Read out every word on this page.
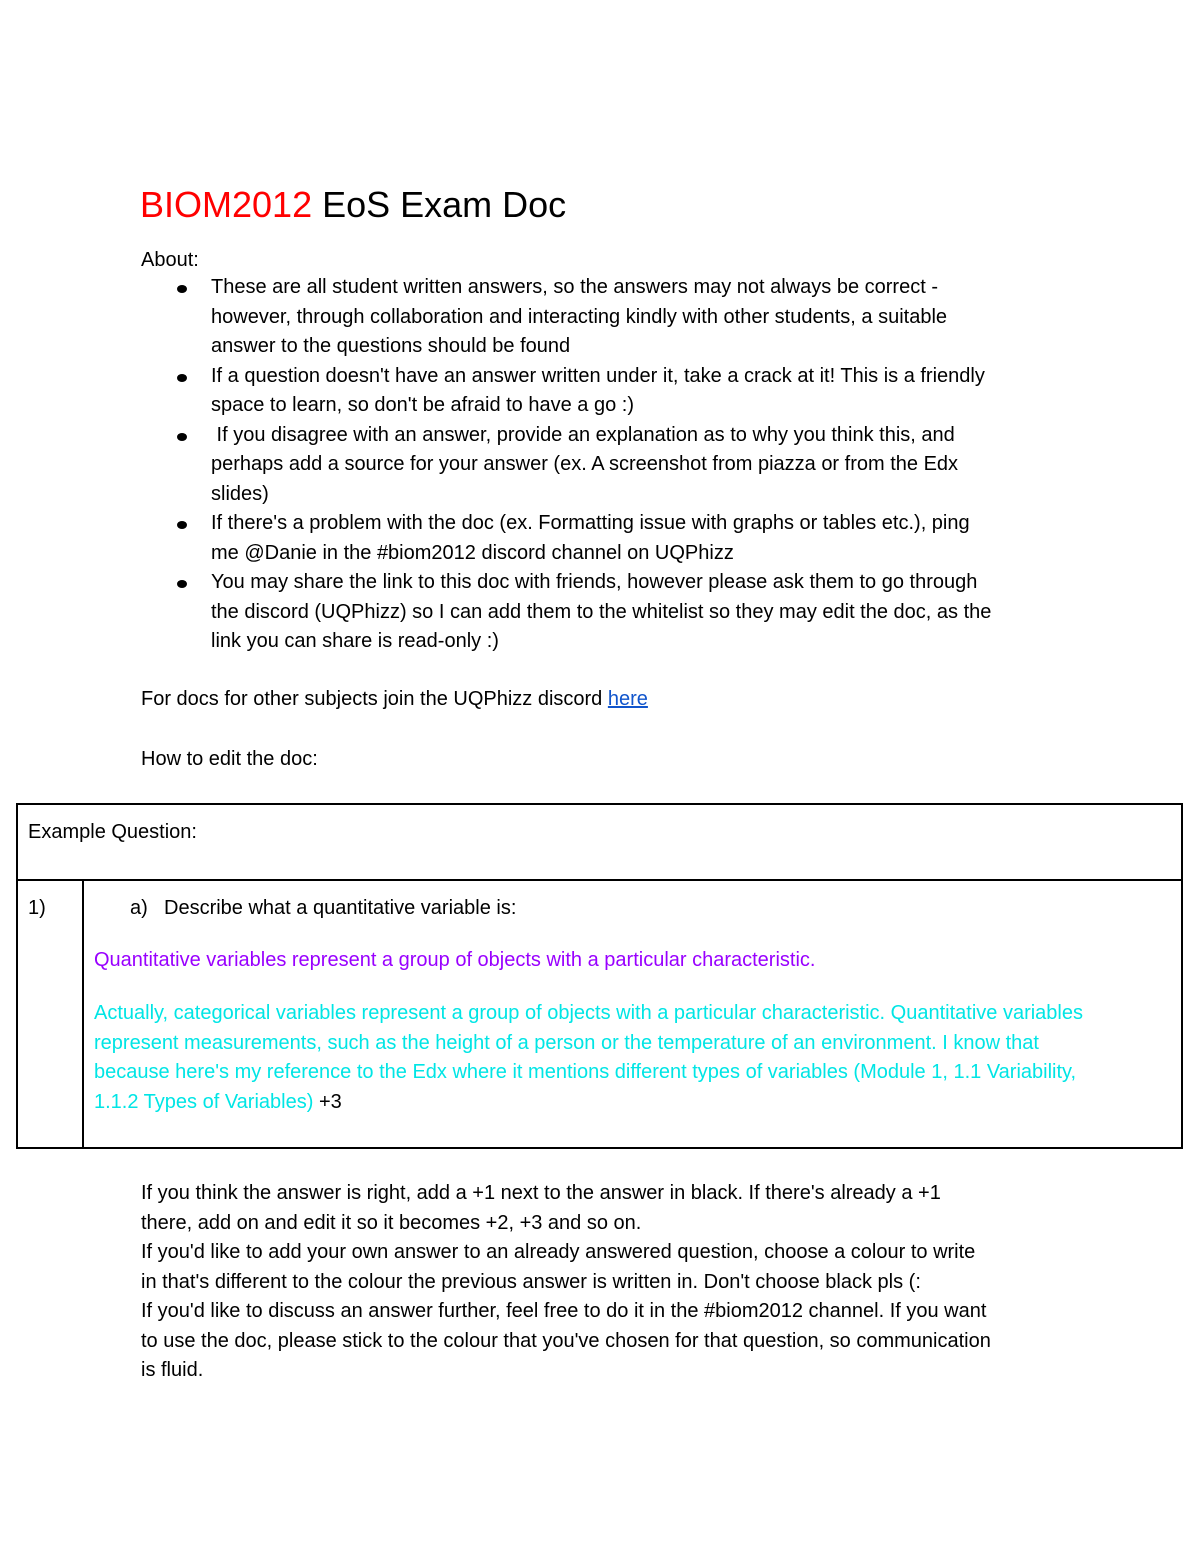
BIOM2012 EoS Exam Doc
About:
These are all student written answers, so the answers may not always be correct -
however, through collaboration and interacting kindly with other students, a suitable
answer to the questions should be found
If a question doesn't have an answer written under it, take a crack at it! This is a friendly
space to learn, so don't be afraid to have a go :)
If you disagree with an answer, provide an explanation as to why you think this, and
perhaps add a source for your answer (ex. A screenshot from piazza or from the Edx
slides)
If there's a problem with the doc (ex. Formatting issue with graphs or tables etc.), ping
me @Danie in the #biom2012 discord channel on UQPhizz
You may share the link to this doc with friends, however please ask them to go through
the discord (UQPhizz) so I can add them to the whitelist so they may edit the doc, as the
link you can share is read-only :)
For docs for other subjects join the UQPhizz discord here
How to edit the doc:
Example Question:
1)	a) Describe what a quantitative variable is:
Quantitative variables represent a group of objects with a particular characteristic.
Actually, categorical variables represent a group of objects with a particular characteristic. Quantitative variables
represent measurements, such as the height of a person or the temperature of an environment. I know that
because here's my reference to the Edx where it mentions different types of variables (Module 1, 1.1 Variability,
1.1.2 Types of Variables) +3
If you think the answer is right, add a +1 next to the answer in black. If there's already a +1
there, add on and edit it so it becomes +2, +3 and so on.
If you'd like to add your own answer to an already answered question, choose a colour to write
in that's different to the colour the previous answer is written in. Don't choose black pls (:
If you'd like to discuss an answer further, feel free to do it in the #biom2012 channel. If you want
to use the doc, please stick to the colour that you've chosen for that question, so communication
is fluid.
